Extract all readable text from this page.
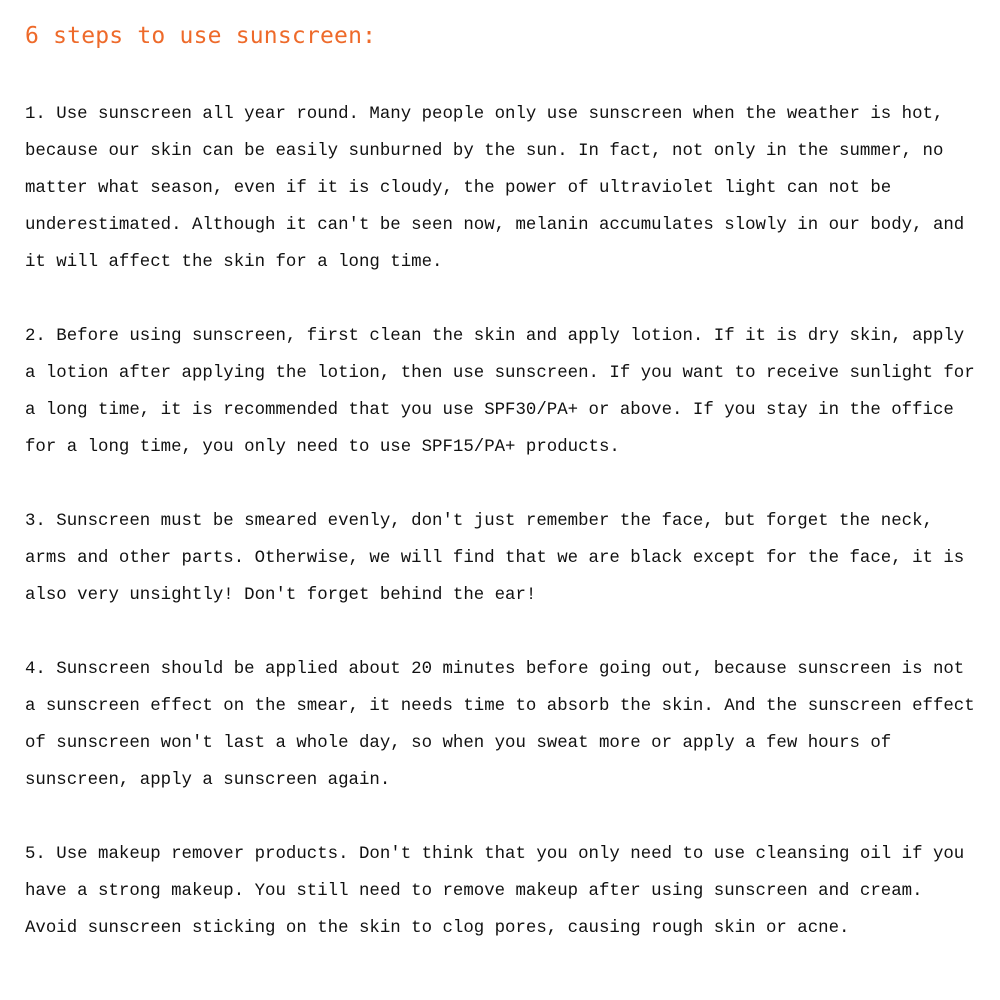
6 steps to use sunscreen:

1. Use sunscreen all year round. Many people only use sunscreen when the weather is hot, because our skin can be easily sunburned by the sun. In fact, not only in the summer, no matter what season, even if it is cloudy, the power of ultraviolet light can not be underestimated. Although it can't be seen now, melanin accumulates slowly in our body, and it will affect the skin for a long time.

2. Before using sunscreen, first clean the skin and apply lotion. If it is dry skin, apply a lotion after applying the lotion, then use sunscreen. If you want to receive sunlight for a long time, it is recommended that you use SPF30/PA+ or above. If you stay in the office for a long time, you only need to use SPF15/PA+ products.

3. Sunscreen must be smeared evenly, don't just remember the face, but forget the neck, arms and other parts. Otherwise, we will find that we are black except for the face, it is also very unsightly! Don't forget behind the ear!

4. Sunscreen should be applied about 20 minutes before going out, because sunscreen is not a sunscreen effect on the smear, it needs time to absorb the skin. And the sunscreen effect of sunscreen won't last a whole day, so when you sweat more or apply a few hours of sunscreen, apply a sunscreen again.

5. Use makeup remover products. Don't think that you only need to use cleansing oil if you have a strong makeup. You still need to remove makeup after using sunscreen and cream. Avoid sunscreen sticking on the skin to clog pores, causing rough skin or acne.
